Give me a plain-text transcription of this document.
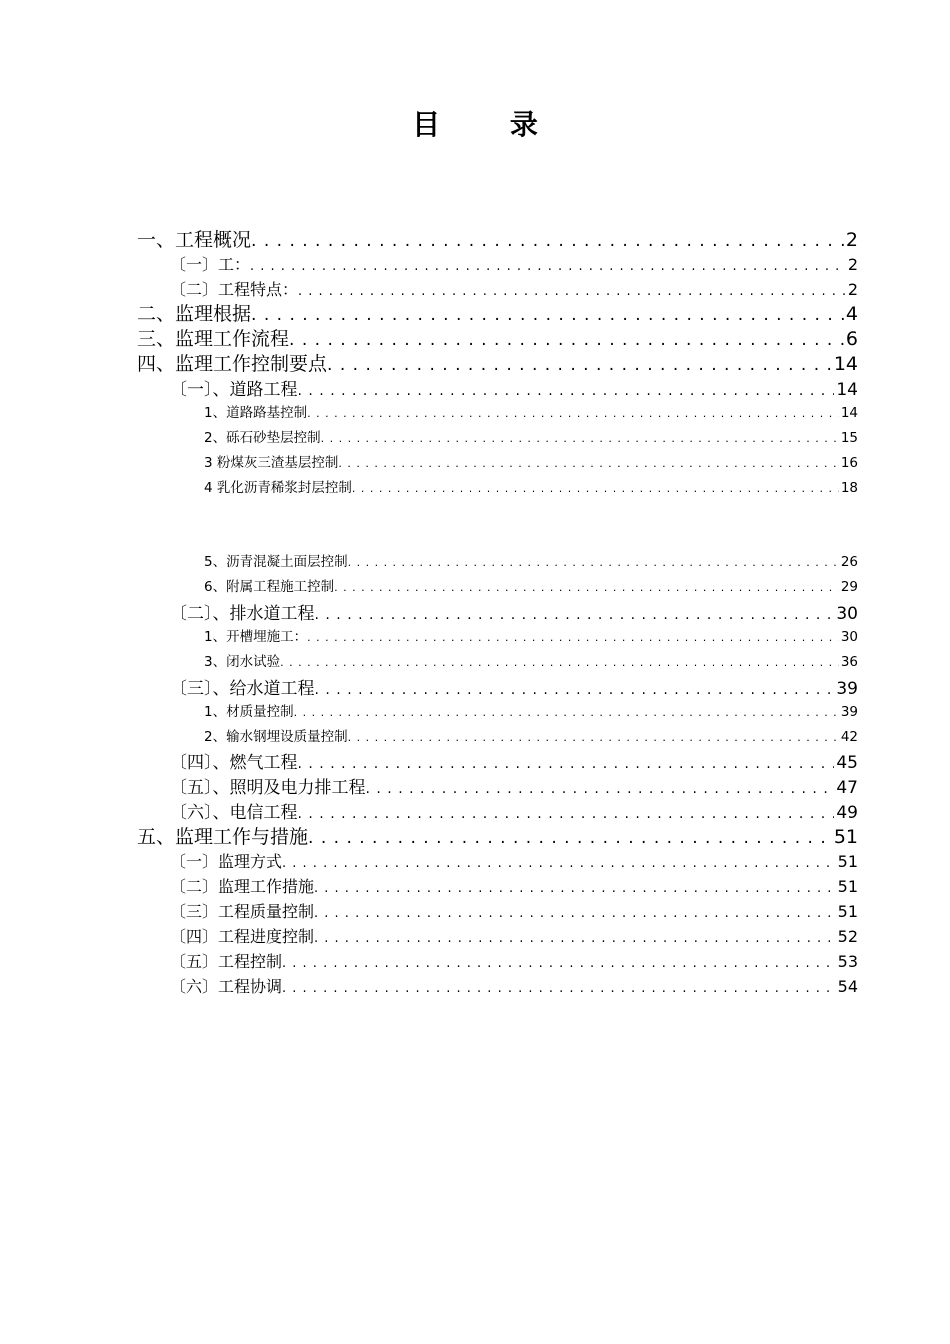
目 录
一、工程概况 . . .	2
〔一〕工： . . .	2
〔二〕工程特点： . . .	2
二、监理根据 . . .	4
三、监理工作流程 . . .	6
四、监理工作控制要点 . . .	14
〔一〕、道路工程 . . .	14
1、道路路基控制 . . .	14
2、砾石砂垫层控制 . . .	15
3 粉煤灰三渣基层控制 . . .	16
4 乳化沥青稀浆封层控制 . . .	18
5、沥青混凝土面层控制 . . .	26
6、附属工程施工控制 . . .	29
〔二〕、排水道工程 . . .	30
1、开槽埋施工： . . .	30
3、闭水试验 . . .	36
〔三〕、给水道工程 . . .	39
1、材质量控制 . . .	39
2、输水钢埋设质量控制 . . .	42
〔四〕、燃气工程 . . .	45
〔五〕、照明及电力排工程 . . .	47
〔六〕、电信工程 . . .	49
五、监理工作与措施 . . .	51
〔一〕监理方式 . . .	51
〔二〕监理工作措施 . . .	51
〔三〕工程质量控制 . . .	51
〔四〕工程进度控制 . . .	52
〔五〕工程控制 . . .	53
〔六〕工程协调 . . .	54
